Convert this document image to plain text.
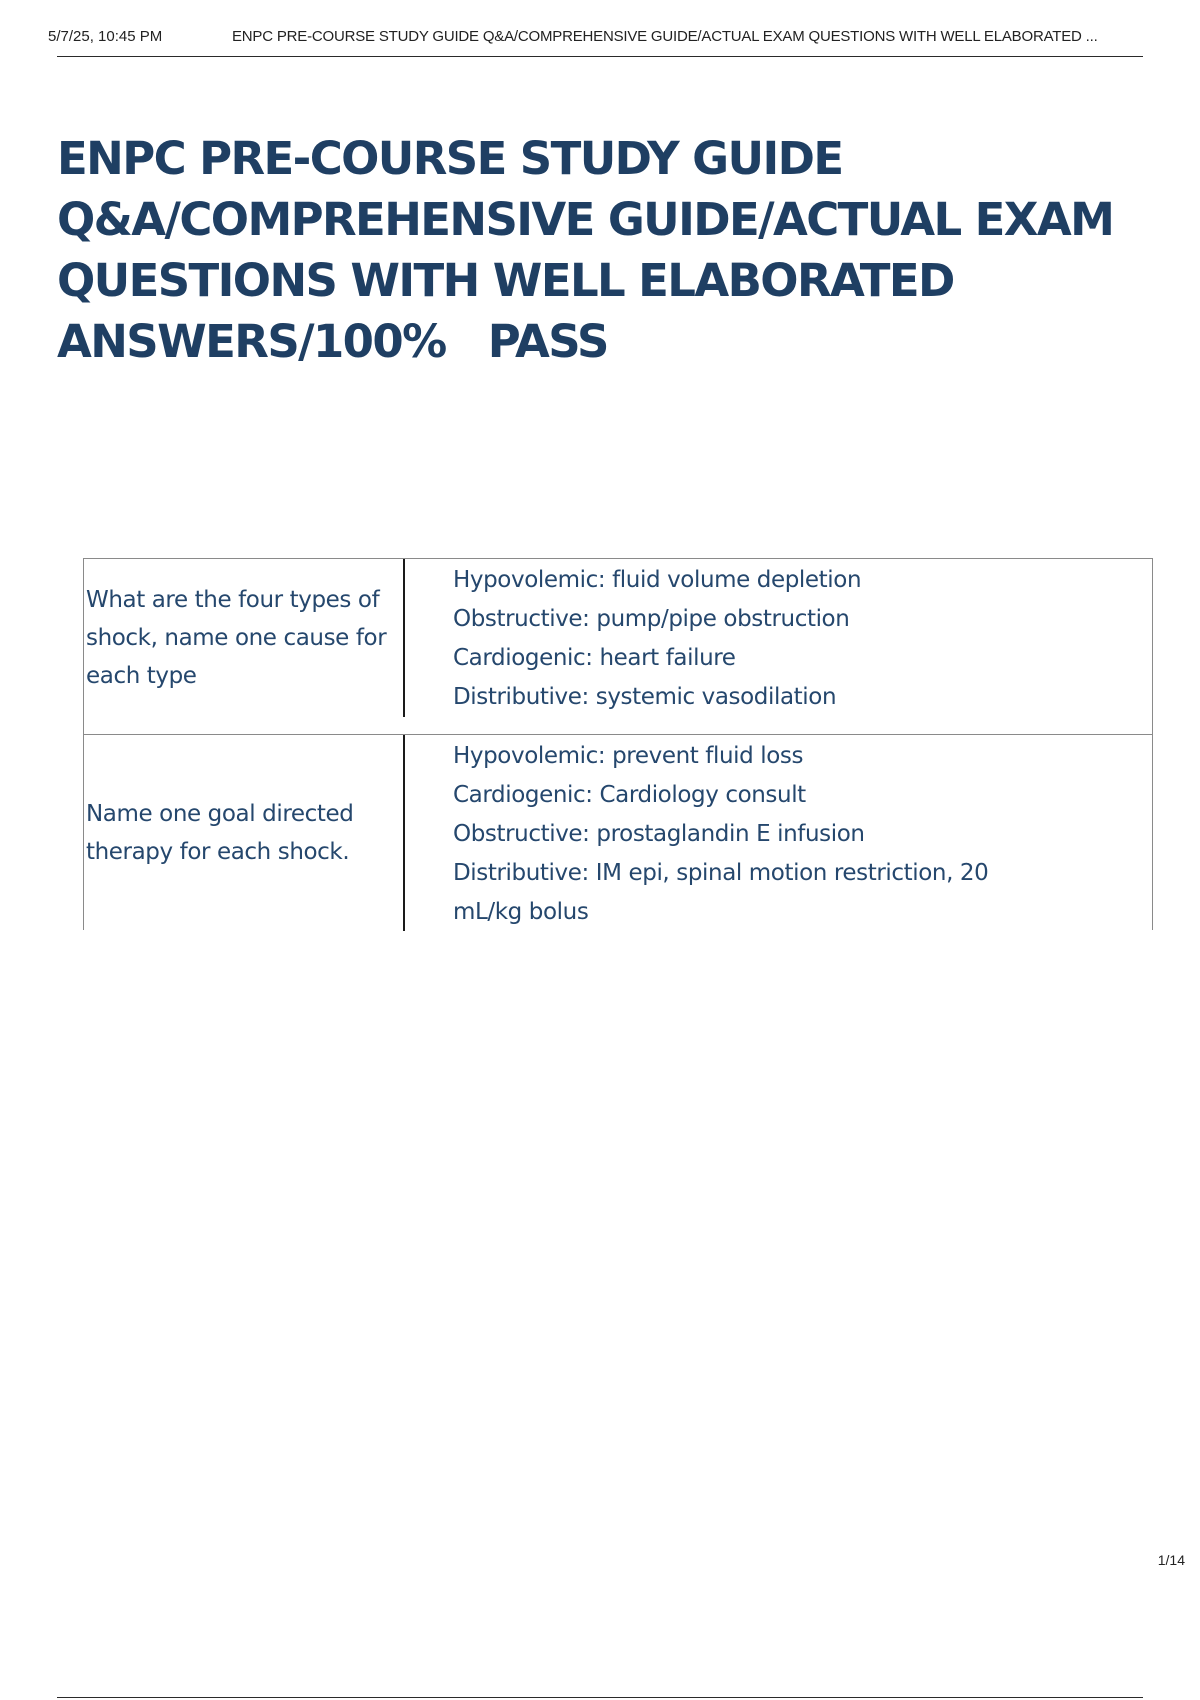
5/7/25, 10:45 PM	ENPC PRE-COURSE STUDY GUIDE Q&A/COMPREHENSIVE GUIDE/ACTUAL EXAM QUESTIONS WITH WELL ELABORATED ...
ENPC PRE-COURSE STUDY GUIDE
Q&A/COMPREHENSIVE GUIDE/ACTUAL EXAM
QUESTIONS WITH WELL ELABORATED
ANSWERS/100%   PASS
What are the four types of shock, name one cause for each type
Hypovolemic: fluid volume depletion
Obstructive: pump/pipe obstruction
Cardiogenic: heart failure
Distributive: systemic vasodilation
Name one goal directed therapy for each shock.
Hypovolemic: prevent fluid loss
Cardiogenic: Cardiology consult
Obstructive: prostaglandin E infusion
Distributive: IM epi, spinal motion restriction, 20
mL/kg bolus
1/14
